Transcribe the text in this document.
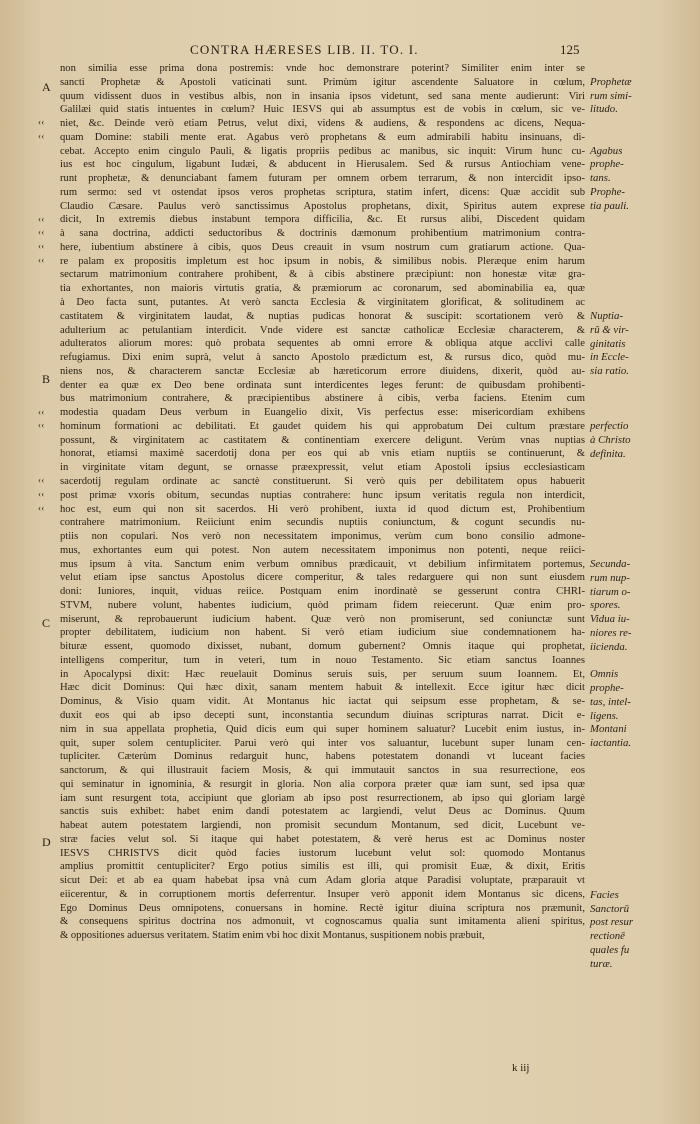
CONTRA HÆRESES LIB. II. TO. I.	125
A
B
C
D
‹ ‹
‹ ‹
‹ ‹
‹ ‹
‹ ‹
‹ ‹
‹ ‹
‹ ‹
‹ ‹
‹ ‹
‹ ‹
non similia esse prima dona postremis: vnde hoc demonstrare poterint? Similiter enim inter se
sancti Prophetæ & Apostoli vaticinati sunt. Primùm igitur ascendente Saluatore in cœlum,
quum vidissent duos in vestibus albis, non in insania ipsos videtunt, sed sana mente audierunt: Viri
Galilæi quid statis intuentes in cœlum? Huic IESVS qui ab assumptus est de vobis in cœlum, sic ve-
niet, &c. Deinde verò etiam Petrus, velut dixi, videns & audiens, & respondens ac dicens, Nequa-
quam Domine: stabili mente erat. Agabus verò prophetans & eum admirabili habitu insinuans, di-
cebat. Accepto enim cingulo Pauli, & ligatis propriis pedibus ac manibus, sic inquit: Virum hunc cu-
ius est hoc cingulum, ligabunt Iudæi, & abducent in Hierusalem. Sed & rursus Antiochiam vene-
runt prophetæ, & denunciabant famem futuram per omnem orbem terrarum, & non intercidit ipso-
rum sermo: sed vt ostendat ipsos veros prophetas scriptura, statim infert, dicens: Quæ accidit sub
Claudio Cæsare. Paulus verò sanctissimus Apostolus prophetans, dixit, Spiritus autem exprese
dicit, In extremis diebus instabunt tempora difficilia, &c. Et rursus alibi, Discedent quidam
à sana doctrina, addicti seductoribus & doctrinis dæmonum prohibentium matrimonium contra-
here, iubentium abstinere à cibis, quos Deus creauit in vsum nostrum cum gratiarum actione. Qua-
re palam ex propositis impletum est hoc ipsum in nobis, & similibus nobis. Pleræque enim harum
sectarum matrimonium contrahere prohibent, & à cibis abstinere præcipiunt: non honestæ vitæ gra-
tia exhortantes, non maioris virtutis gratia, & præmiorum ac coronarum, sed abominabilia ea, quæ
à Deo facta sunt, putantes. At verò sancta Ecclesia & virginitatem glorificat, & solitudinem ac
castitatem & virginitatem laudat, & nuptias pudicas honorat & suscipit: scortationem verò &
adulterium ac petulantiam interdicit. Vnde videre est sanctæ catholicæ Ecclesiæ characterem, &
adulteratos aliorum mores: quò probata sequentes ab omni errore & obliqua atque acclivi calle
refugiamus. Dixi enim suprà, velut à sancto Apostolo prædictum est, & rursus dico, quòd mu-
niens nos, & characterem sanctæ Ecclesiæ ab hæreticorum errore diuidens, dixerit, quòd au-
denter ea quæ ex Deo bene ordinata sunt interdicentes leges ferunt: de quibusdam prohibenti-
bus matrimonium contrahere, & præcipientibus abstinere à cibis, verba faciens. Etenim cum
modestia quadam Deus verbum in Euangelio dixit, Vis perfectus esse: misericordiam exhibens
hominum formationi ac debilitati. Et gaudet quidem his qui approbatum Dei cultum præstare
possunt, & virginitatem ac castitatem & continentiam exercere deligunt. Verùm vnas nuptias
honorat, etiamsi maximè sacerdotij dona per eos qui ab vnis etiam nuptiis se continuerunt, &
in virginitate vitam degunt, se ornasse præexpressit, velut etiam Apostoli ipsius ecclesiasticam
sacerdotij regulam ordinate ac sanctè constituerunt. Si verò quis per debilitatem opus habuerit
post primæ vxoris obitum, secundas nuptias contrahere: hunc ipsum veritatis regula non interdicit,
hoc est, eum qui non sit sacerdos. Hi verò prohibent, iuxta id quod dictum est, Prohibentium
contrahere matrimonium. Reiiciunt enim secundis nuptiis coniunctum, & cogunt secundis nu-
ptiis non copulari. Nos verò non necessitatem imponimus, verùm cum bono consilio admone-
mus, exhortantes eum qui potest. Non autem necessitatem imponimus non potenti, neque reiici-
mus ipsum à vita. Sanctum enim verbum omnibus prædicauit, vt debilium infirmitatem portemus,
velut etiam ipse sanctus Apostolus dicere comperitur, & tales redarguere qui non sunt eiusdem
doni: Iuniores, inquit, viduas reiice. Postquam enim inordinatè se gesserunt contra CHRI-
STVM, nubere volunt, habentes iudicium, quòd primam fidem reiecerunt. Quæ enim pro-
miserunt, & reprobauerunt iudicium habent. Quæ verò non promiserunt, sed coniunctæ sunt
propter debilitatem, iudicium non habent. Si verò etiam iudicium siue condemnationem ha-
bituræ essent, quomodo dixisset, nubant, domum gubernent? Omnis itaque qui prophetat,
intelligens comperitur, tum in veteri, tum in nouo Testamento. Sic etiam sanctus Ioannes
in Apocalypsi dixit: Hæc reuelauit Dominus seruis suis, per seruum suum Ioannem. Et,
Hæc dicit Dominus: Qui hæc dixit, sanam mentem habuit & intellexit. Ecce igitur hæc dicit
Dominus, & Visio quam vidit. At Montanus hic iactat qui seipsum esse prophetam, & se-
duxit eos qui ab ipso decepti sunt, inconstantia secundum diuinas scripturas narrat. Dicit e-
nim in sua appellata prophetia, Quid dicis eum qui super hominem saluatur? Lucebit enim iustus, in-
quit, super solem centupliciter. Parui verò qui inter vos saluantur, lucebunt super lunam cen-
tupliciter. Cæterùm Dominus redarguit hunc, habens potestatem donandi vt luceant facies
sanctorum, & qui illustrauit faciem Mosis, & qui immutauit sanctos in sua resurrectione, eos
qui seminatur in ignominia, & resurgit in gloria. Non alia corpora præter quæ iam sunt, sed ipsa quæ
iam sunt resurgent tota, accipiunt que gloriam ab ipso post resurrectionem, ab ipso qui gloriam largè
sanctis suis exhibet: habet enim dandi potestatem ac largiendi, velut Deus ac Dominus. Quum
habeat autem potestatem largiendi, non promisit secundum Montanum, sed dicit, Lucebunt ve-
stræ facies velut sol. Si itaque qui habet potestatem, & verè herus est ac Dominus noster
IESVS CHRISTVS dicit quòd facies iustorum lucebunt velut sol: quomodo Montanus
amplius promittit centupliciter? Ergo potius similis est illi, qui promisit Euæ, & dixit, Eritis
sicut Dei: et ab ea quam habebat ipsa vnà cum Adam gloria atque Paradisi voluptate, præparauit vt
eiicerentur, & in corruptionem mortis deferrentur. Insuper verò apponit idem Montanus sic dicens,
Ego Dominus Deus omnipotens, conuersans in homine. Rectè igitur diuina scriptura nos præmunit,
& consequens spiritus doctrina nos admonuit, vt cognoscamus qualia sunt imitamenta alieni spiritus,
& oppositiones aduersus veritatem. Statim enim vbi hoc dixit Montanus, suspitionem nobis præbuit,
Prophetæ
rum simi-
litudo.
Agabus
prophe-
tans.
Prophe-
tia pauli.
Nuptia-
rū & vir-
ginitatis
in Eccle-
sia ratio.
perfectio
à Christo
definita.
Secunda-
rum nup-
tiarum o-
spores.
Vidua iu-
niores re-
iicienda.
Omnis
prophe-
tas, intel-
ligens.
Montani
iactantia.
Facies
Sanctorū
post resur
rectionē
quales fu
turæ.
k iij
